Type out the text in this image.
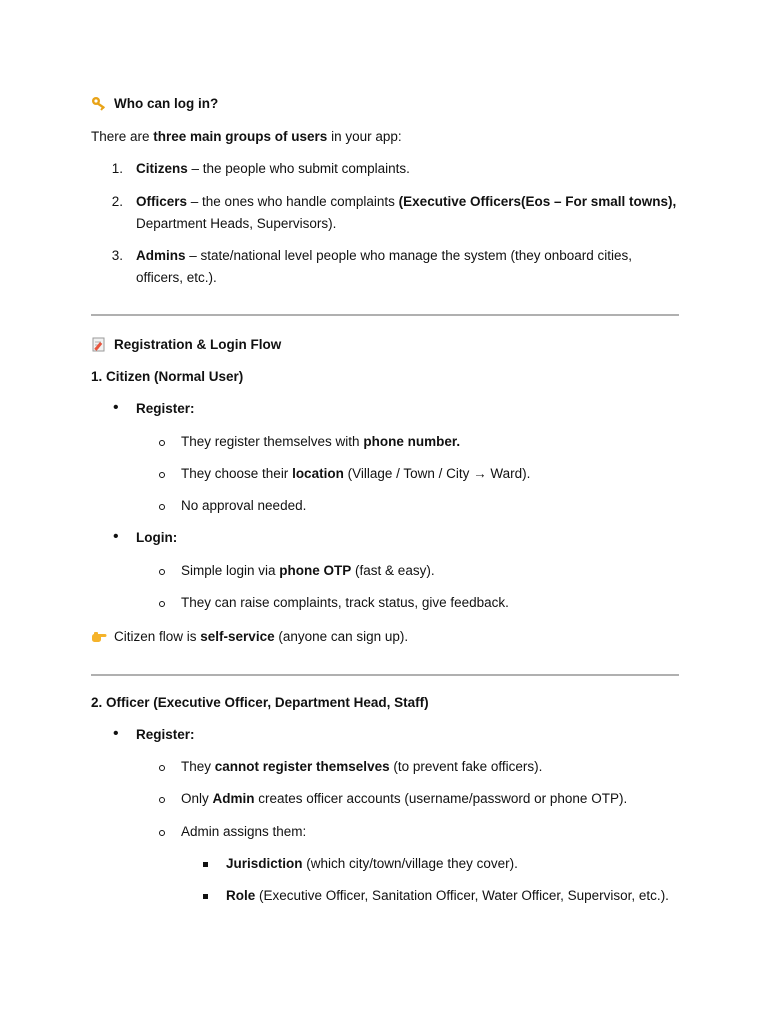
Who can log in?
There are three main groups of users in your app:
1. Citizens – the people who submit complaints.
2. Officers – the ones who handle complaints (Executive Officers(Eos – For small towns),
Department Heads, Supervisors).
3. Admins – state/national level people who manage the system (they onboard cities,
officers, etc.).
Registration & Login Flow
1. Citizen (Normal User)
•
Register:
They register themselves with phone number.
They choose their location (Village / Town / City → Ward).
No approval needed.
•
Login:
Simple login via phone OTP (fast & easy).
They can raise complaints, track status, give feedback.
Citizen flow is self-service (anyone can sign up).
2. Officer (Executive Officer, Department Head, Staff)
•
Register:
They cannot register themselves (to prevent fake officers).
Only Admin creates officer accounts (username/password or phone OTP).
Admin assigns them:
Jurisdiction (which city/town/village they cover).
Role (Executive Officer, Sanitation Officer, Water Officer, Supervisor, etc.).
